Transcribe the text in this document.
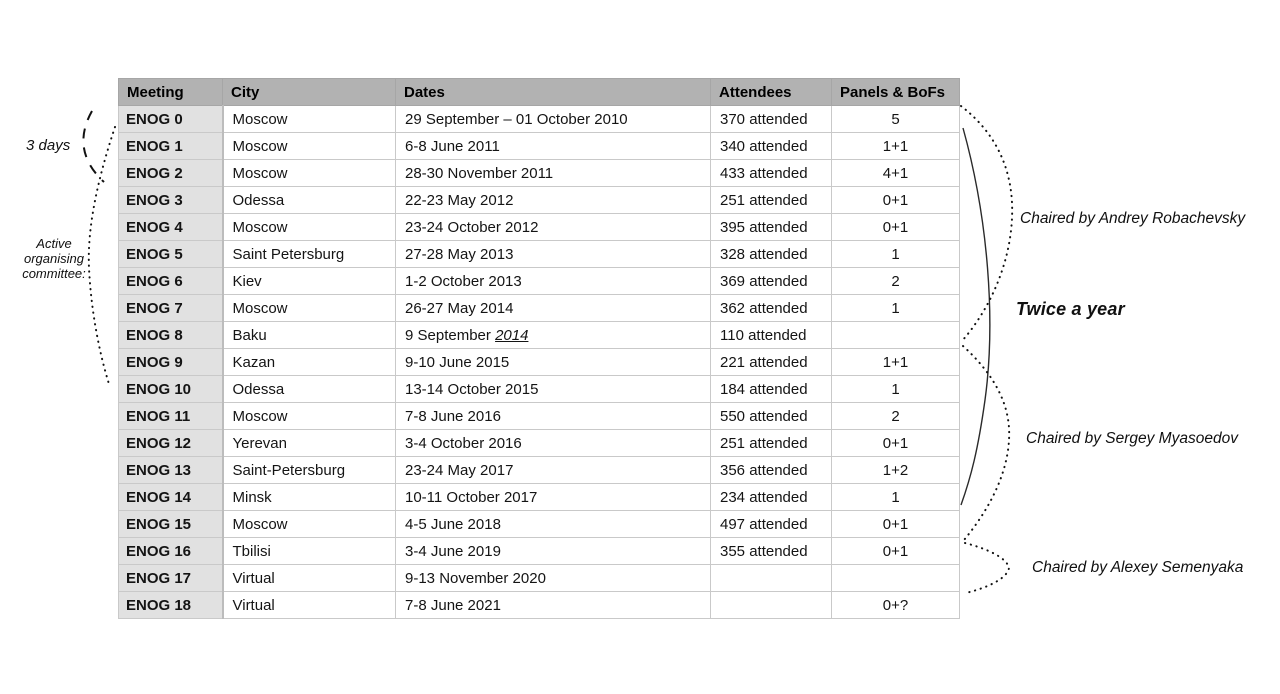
Meeting	City	Dates	Attendees	Panels & BoFs
ENOG 0	Moscow	29 September – 01 October 2010	370 attended	5
ENOG 1	Moscow	6-8 June 2011	340 attended	1+1
ENOG 2	Moscow	28-30 November 2011	433 attended	4+1
ENOG 3	Odessa	22-23 May 2012	251 attended	0+1
ENOG 4	Moscow	23-24 October 2012	395 attended	0+1
ENOG 5	Saint Petersburg	27-28 May 2013	328 attended	1
ENOG 6	Kiev	1-2 October 2013	369 attended	2
ENOG 7	Moscow	26-27 May 2014	362 attended	1
ENOG 8	Baku	9 September 2014	110 attended	
ENOG 9	Kazan	9-10 June 2015	221 attended	1+1
ENOG 10	Odessa	13-14 October 2015	184 attended	1
ENOG 11	Moscow	7-8 June 2016	550 attended	2
ENOG 12	Yerevan	3-4 October 2016	251 attended	0+1
ENOG 13	Saint-Petersburg	23-24 May 2017	356 attended	1+2
ENOG 14	Minsk	10-11 October 2017	234 attended	1
ENOG 15	Moscow	4-5 June 2018	497 attended	0+1
ENOG 16	Tbilisi	3-4 June 2019	355 attended	0+1
ENOG 17	Virtual	9-13 November 2020		
ENOG 18	Virtual	7-8 June 2021		0+?
3 days
Active
organising
committee:
Chaired by Andrey Robachevsky
Twice a year
Chaired by Sergey Myasoedov
Chaired by Alexey Semenyaka
